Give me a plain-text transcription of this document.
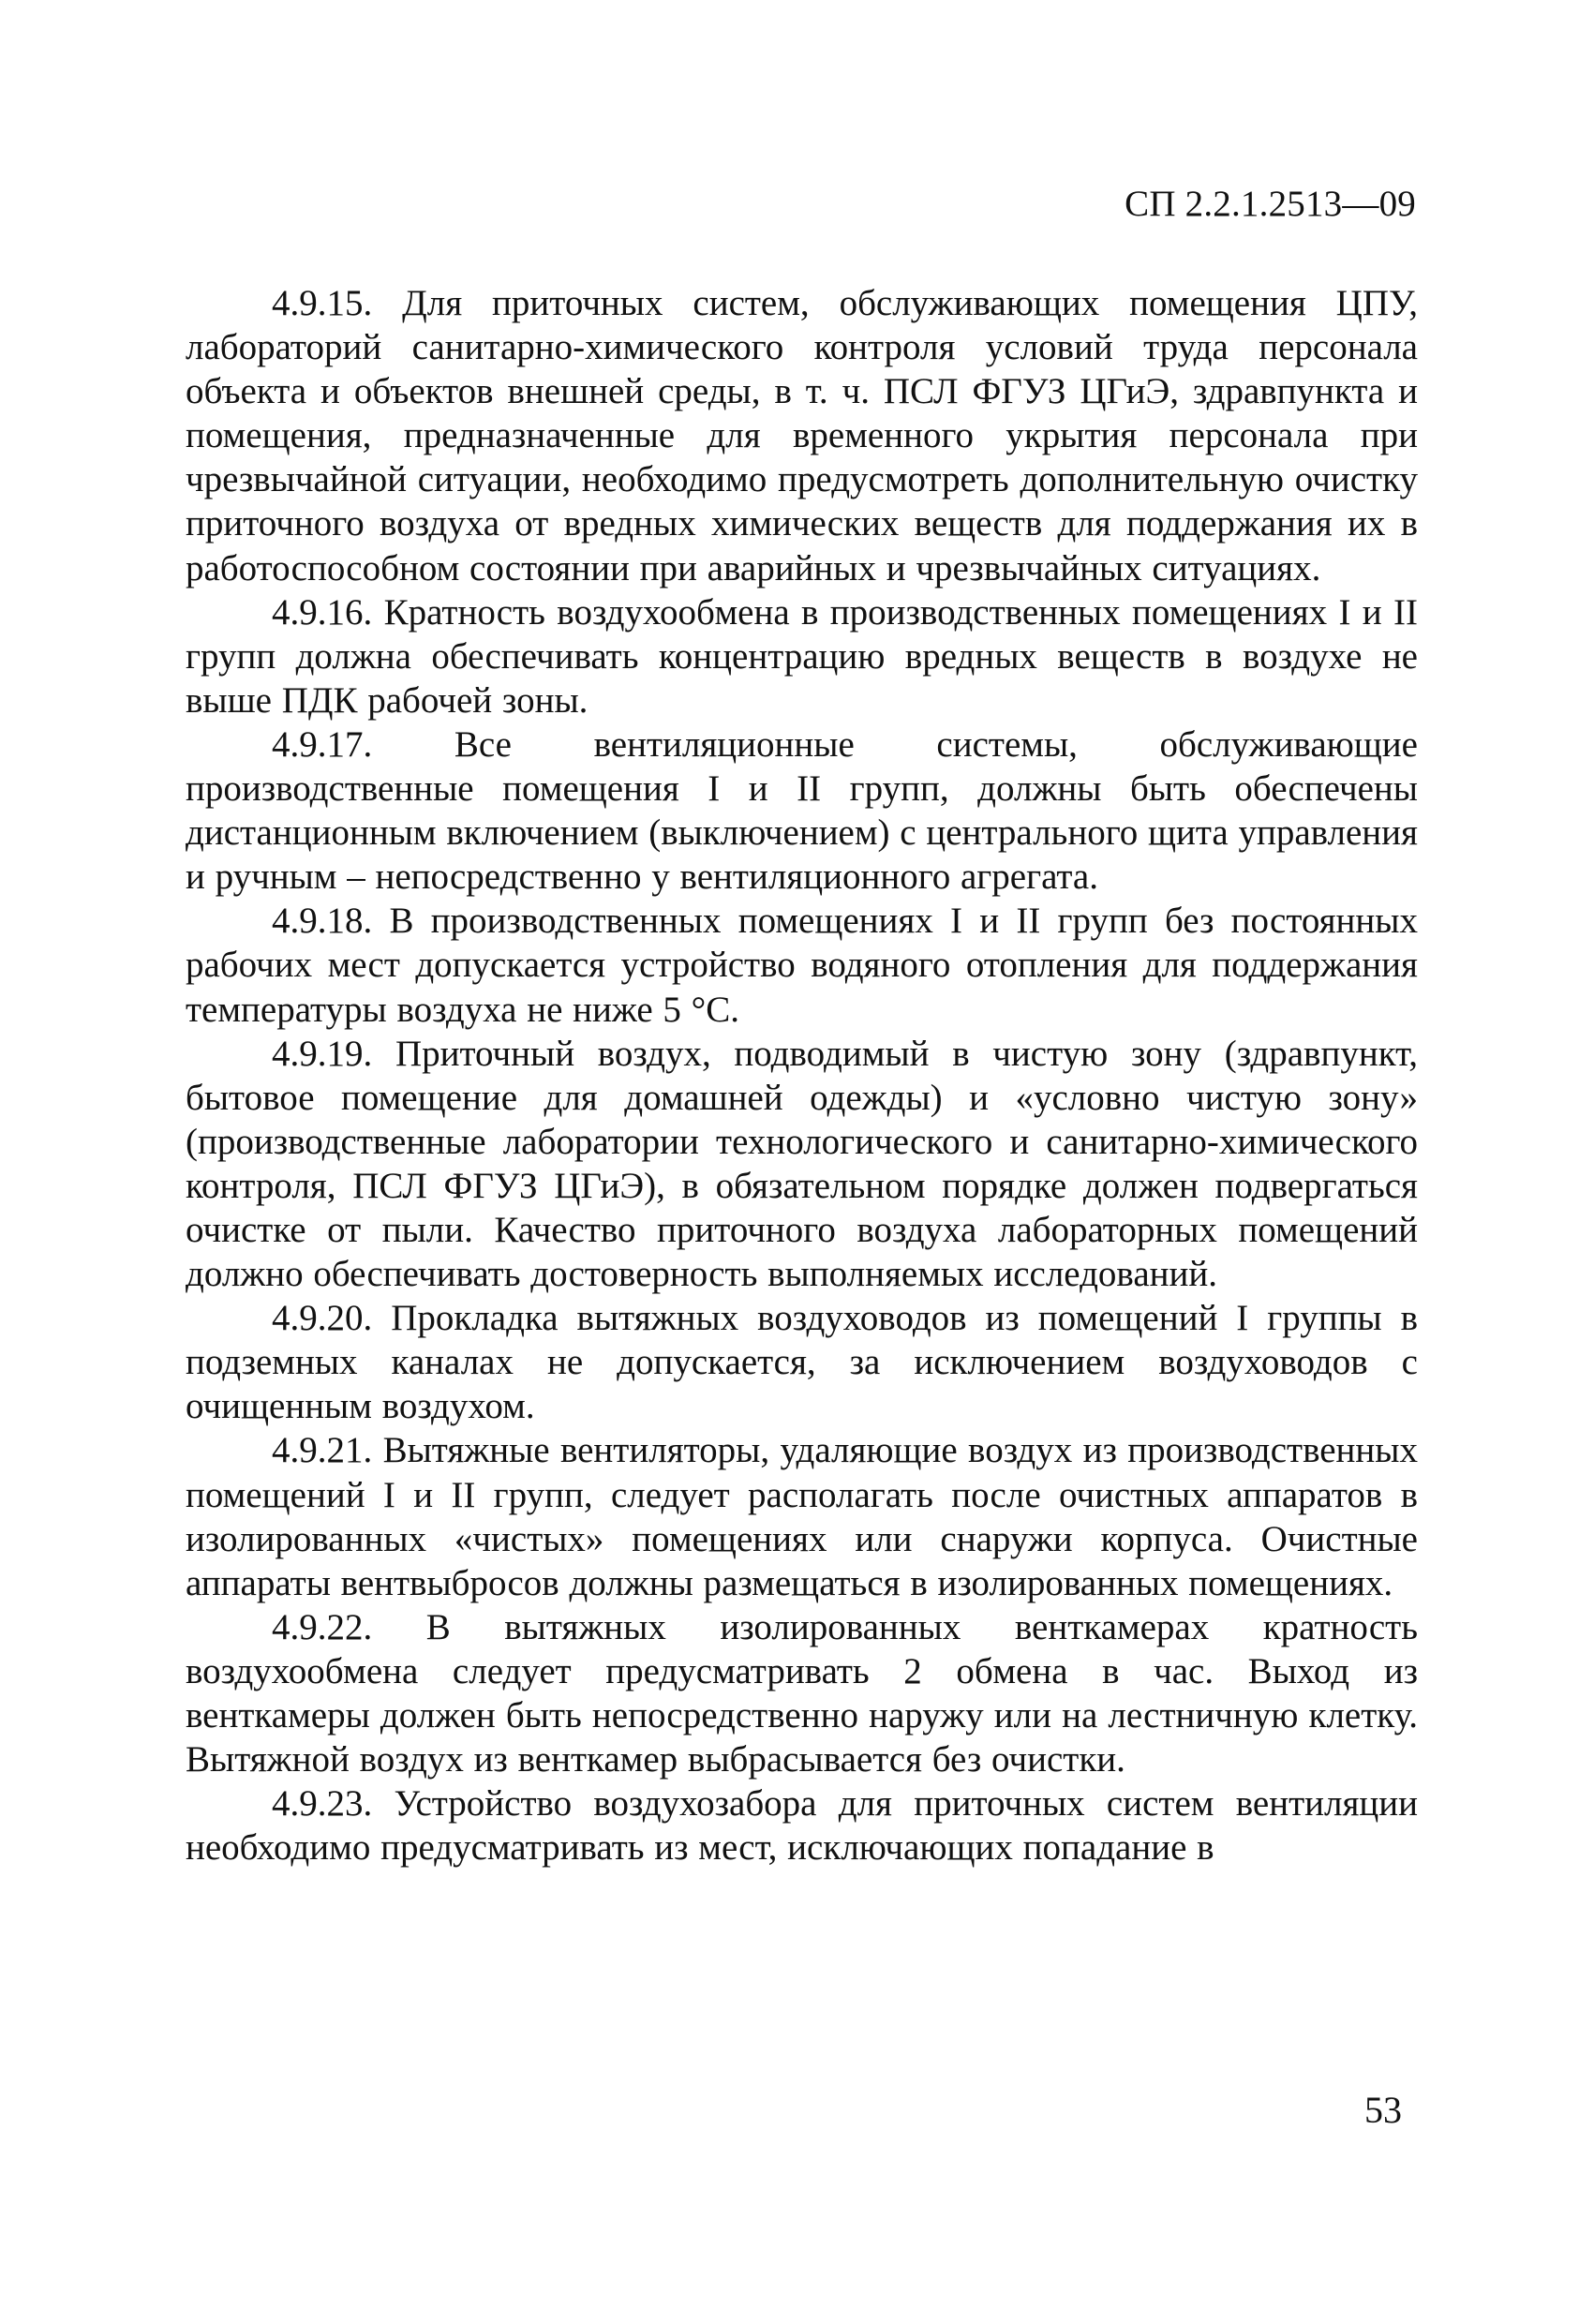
СП 2.2.1.2513—09

4.9.15. Для приточных систем, обслуживающих помещения ЦПУ, лабораторий санитарно-химического контроля условий труда персонала объекта и объектов внешней среды, в т. ч. ПСЛ ФГУЗ ЦГиЭ, здравпункта и помещения, предназначенные для временного укрытия персонала при чрезвычайной ситуации, необходимо предусмотреть дополнительную очистку приточного воздуха от вредных химических веществ для поддержания их в работоспособном состоянии при аварийных и чрезвычайных ситуациях.

4.9.16. Кратность воздухообмена в производственных помещениях I и II групп должна обеспечивать концентрацию вредных веществ в воздухе не выше ПДК рабочей зоны.

4.9.17. Все вентиляционные системы, обслуживающие производственные помещения I и II групп, должны быть обеспечены дистанционным включением (выключением) с центрального щита управления и ручным – непосредственно у вентиляционного агрегата.

4.9.18. В производственных помещениях I и II групп без постоянных рабочих мест допускается устройство водяного отопления для поддержания температуры воздуха не ниже 5 °С.

4.9.19. Приточный воздух, подводимый в чистую зону (здравпункт, бытовое помещение для домашней одежды) и «условно чистую зону» (производственные лаборатории технологического и санитарно-химического контроля, ПСЛ ФГУЗ ЦГиЭ), в обязательном порядке должен подвергаться очистке от пыли. Качество приточного воздуха лабораторных помещений должно обеспечивать достоверность выполняемых исследований.

4.9.20. Прокладка вытяжных воздуховодов из помещений I группы в подземных каналах не допускается, за исключением воздуховодов с очищенным воздухом.

4.9.21. Вытяжные вентиляторы, удаляющие воздух из производственных помещений I и II групп, следует располагать после очистных аппаратов в изолированных «чистых» помещениях или снаружи корпуса. Очистные аппараты вентвыбросов должны размещаться в изолированных помещениях.

4.9.22. В вытяжных изолированных венткамерах кратность воздухообмена следует предусматривать 2 обмена в час. Выход из венткамеры должен быть непосредственно наружу или на лестничную клетку. Вытяжной воздух из венткамер выбрасывается без очистки.

4.9.23. Устройство воздухозабора для приточных систем вентиляции необходимо предусматривать из мест, исключающих попадание в

53
